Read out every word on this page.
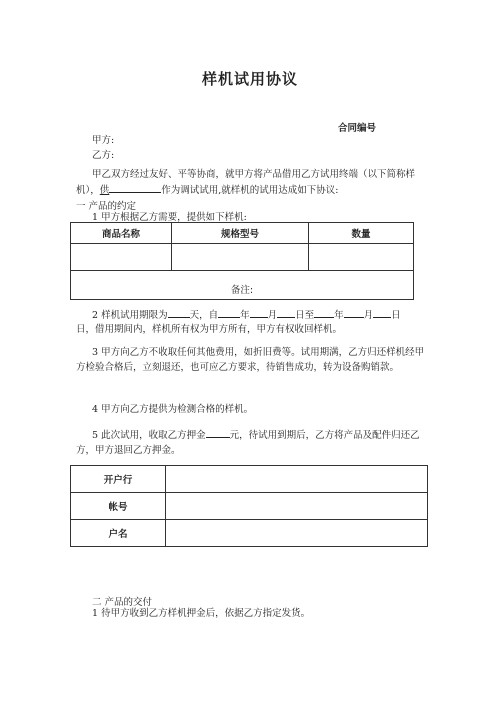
样机试用协议
合同编号
甲方:
乙方:
甲乙双方经过友好、平等协商，就甲方将产品借用乙方试用终端（以下简称样机），供	作为调试试用,就样机的试用达成如下协议:
一 产品的约定
1 甲方根据乙方需要，提供如下样机:
商品名称	规格型号	数量

备注:		
2 样机试用期限为 天，自 年 月 日至 年 月 日
日，借用期间内，样机所有权为甲方所有，甲方有权收回样机。
3 甲方向乙方不收取任何其他费用，如折旧费等。试用期满，乙方归还样机经甲方检验合格后，立刻退还，也可应乙方要求，待销售成功，转为设备购销款。
4 甲方向乙方提供为检测合格的样机。
5 此次试用，收取乙方押金	元，待试用到期后，乙方将产品及配件归还乙方，甲方退回乙方押金。
开户行	
帐号	
户名	
二 产品的交付
1 待甲方收到乙方样机押金后，依据乙方指定发货。
